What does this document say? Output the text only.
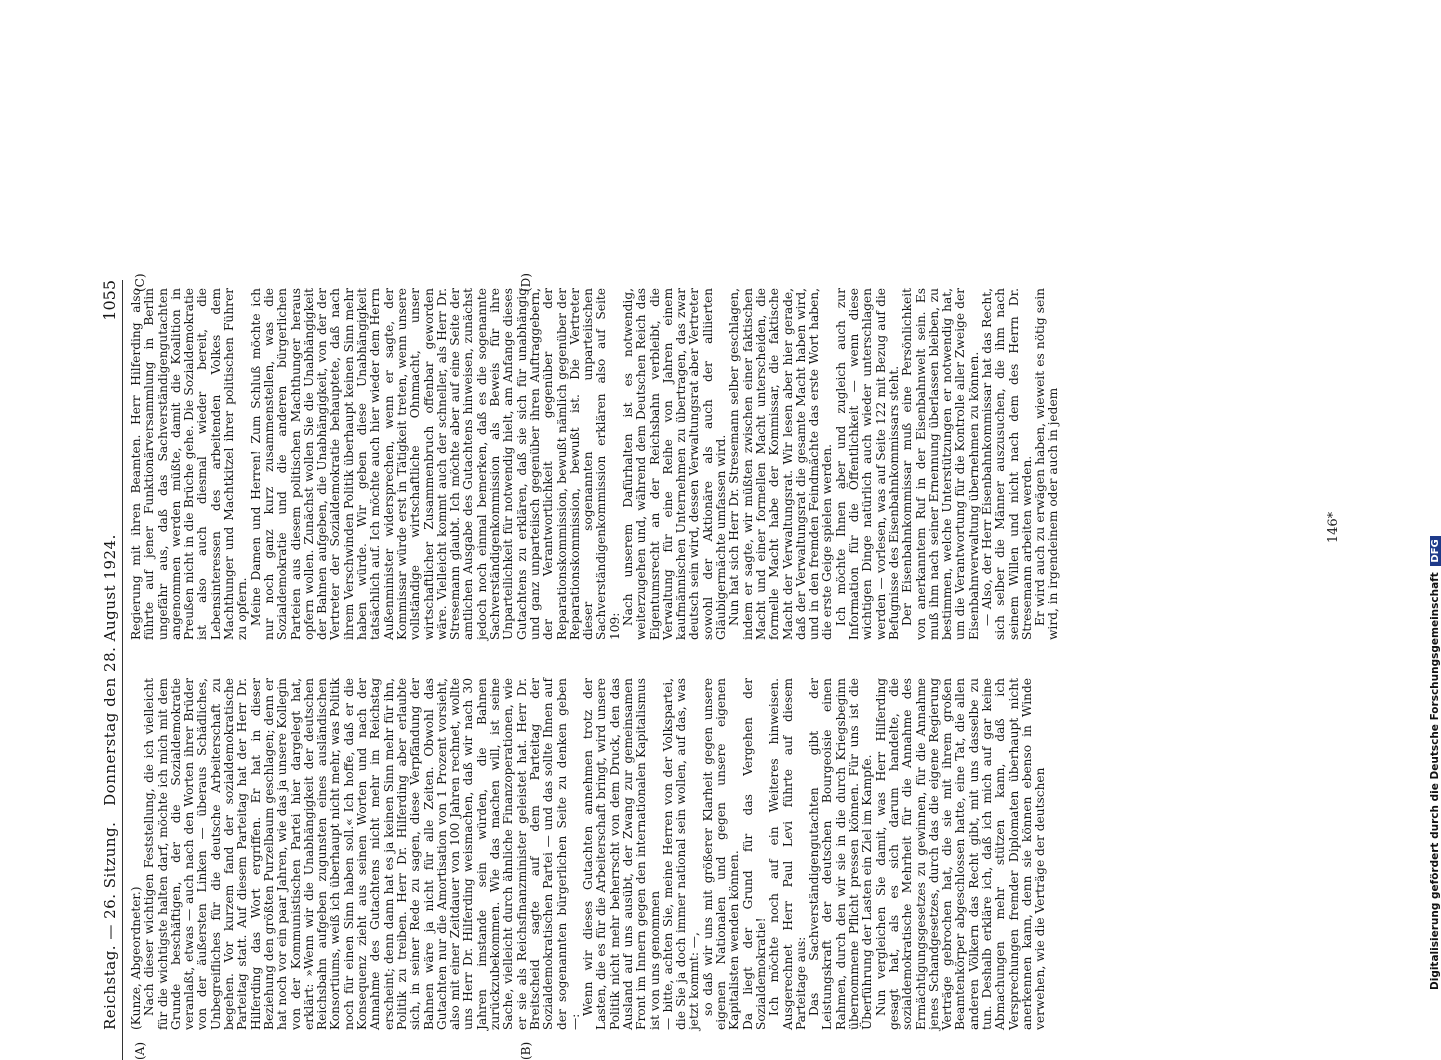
Reichstag. — 26. Sitzung.
Donnerstag den 28. August 1924.
1055
(A)	(B)
(C)	(D)

(Kunze, Abgeordneter.) Nach dieser wichtigen Feststellung, die ich vielleicht für die wichtigste halten darf, möchte ich mich mit dem Grunde beschäftigen, der die Sozialdemokratie veranlaßt, etwas — auch nach den Worten ihrer Brüder von der äußersten Linken — überaus Schädliches, Unbegreifliches für die deutsche Arbeiterschaft zu begehen. Vor kurzem fand der sozialdemokratische Parteitag statt. Auf diesem Parteitag hat der Herr Dr. Hilferding das Wort ergriffen. Er hat in dieser Beziehung den größten Purzelbaum geschlagen; denn er hat noch vor ein paar Jahren, wie das ja unsere Kollegin von der Kommunistischen Partei hier dargelegt hat, erklärt: »Wenn wir die Unabhängigkeit der deutschen Reichsbahn aufgeben zugunsten eines ausländischen Konsortiums, weiß ich überhaupt nicht mehr, was Politik noch für einen Sinn haben soll.« Ich hoffe, daß er die Konsequenz zieht aus seinen Worten und nach der Annahme des Gutachtens nicht mehr im Reichstag erscheint; denn dann hat es ja keinen Sinn mehr für ihn, Politik zu treiben. Herr Dr. Hilferding aber erlaubte sich, in seiner Rede zu sagen, diese Verpfändung der Bahnen wäre ja nicht für alle Zeiten. Obwohl das Gutachten nur die Amortisation von 1 Prozent vorsieht, also mit einer Zeitdauer von 100 Jahren rechnet, wollte uns Herr Dr. Hilferding weismachen, daß wir nach 30 Jahren imstande sein würden, die Bahnen zurückzubekommen. Wie das machen will, ist seine Sache, vielleicht durch ähnliche Finanzoperationen, wie er sie als Reichsfinanzminister geleistet hat. Herr Dr. Breitscheid sagte auf dem Parteitag der Sozialdemokratischen Partei — und das sollte Ihnen auf der sogenannten bürgerlichen Seite zu denken geben —:

Wenn wir dieses Gutachten annehmen trotz der Lasten, die es für die Arbeiterschaft bringt, wird unsere Politik nicht mehr beherrscht von dem Druck, den das Ausland auf uns ausübt, der Zwang zur gemeinsamen Front im Innern gegen den internationalen Kapitalismus ist von uns genommen — bitte, achten Sie, meine Herren von der Volkspartei, die Sie ja doch immer national sein wollen, auf das, was jetzt kommt: —, so daß wir uns mit größerer Klarheit gegen unsere eigenen Nationalen und gegen unsere eigenen Kapitalisten wenden können. Da liegt der Grund für das Vergehen der Sozialdemokratie! Ich möchte noch auf ein Weiteres hinweisen. Ausgerechnet Herr Paul Levi führte auf diesem Parteitage aus: Das Sachverständigengutachten gibt der Leistungskraft der deutschen Bourgeoisie einen Rahmen, durch den wir sie in die durch Kriegsbeginn übernommene Pflicht pressen können. Für uns ist die Überführung der Lasten ein Ziel im Kampfe. Nun vergleichen Sie damit, was Herr Hilferding gesagt hat, als es sich darum handelte, die sozialdemokratische Mehrheit für die Annahme des Ermächtigungsgesetzes zu gewinnen, für die Annahme jenes Schandgesetzes, durch das die eigene Regierung Verträge gebrochen hat, die sie mit ihrem großen Beamtenkörper abgeschlossen hatte, eine Tat, die allen anderen Völkern das Recht gibt, mit uns dasselbe zu tun. Deshalb erkläre ich, daß ich mich auf gar keine Abmachungen mehr stützen kann, daß ich Versprechungen fremder Diplomaten überhaupt nicht anerkennen kann, denn sie können ebenso in Winde verwehen, wie die Verträge der deutschen

Regierung mit ihren Beamten. Herr Hilferding also führte auf jener Funktionärversammlung in Berlin ungefähr aus, daß das Sachverständigengutachten angenommen werden müßte, damit die Koalition in Preußen nicht in die Brüche gehe. Die Sozialdemokratie ist also auch diesmal wieder bereit, die Lebensinteressen des arbeitenden Volkes dem Machthunger und Machtkitzel ihrer politischen Führer zu opfern. Meine Damen und Herren! Zum Schluß möchte ich nur noch ganz kurz zusammenstellen, was die Sozialdemokratie und die anderen bürgerlichen Parteien aus diesem politischen Machthunger heraus opfern wollen. Zunächst wollen Sie die Unabhängigkeit der Bahnen aufgeben, die Unabhängigkeit, von der der Vertreter der Sozialdemokratie behauptete, daß nach ihrem Verschwinden Politik überhaupt keinen Sinn mehr haben würde. Wir geben diese Unabhängigkeit tatsächlich auf. Ich möchte auch hier wieder dem Herrn Außenminister widersprechen, wenn er sagte, der Kommissar würde erst in Tätigkeit treten, wenn unsere vollständige wirtschaftliche Ohnmacht, unser wirtschaftlicher Zusammenbruch offenbar geworden wäre. Vielleicht kommt auch der schneller, als Herr Dr. Stresemann glaubt. Ich möchte aber auf eine Seite der amtlichen Ausgabe des Gutachtens hinweisen, zunächst jedoch noch einmal bemerken, daß es die sogenannte Sachverständigenkommission als Beweis für ihre Unparteilichkeit für notwendig hielt, am Anfange dieses Gutachtens zu erklären, daß sie sich für unabhängig und ganz unparteiisch gegenüber ihren Auftraggebern, der Verantwortlichkeit gegenüber der Reparationskommission, bewußt nämlich gegenüber der Reparationskommission, bewußt ist. Die Vertreter dieser sogenannten unparteiischen Sachverständigenkommission erklären also auf Seite 109:

Nach unserem Dafürhalten ist es notwendig, weiterzugehen und, während dem Deutschen Reich das Eigentumsrecht an der Reichsbahn verbleibt, die Verwaltung für eine Reihe von Jahren einem kaufmännischen Unternehmen zu übertragen, das zwar deutsch sein wird, dessen Verwaltungsrat aber Vertreter sowohl der Aktionäre als auch der alliierten Gläubigermächte umfassen wird. Nun hat sich Herr Dr. Stresemann selber geschlagen, indem er sagte, wir müßten zwischen einer faktischen Macht und einer formellen Macht unterscheiden, die formelle Macht habe der Kommissar, die faktische Macht der Verwaltungsrat. Wir lesen aber hier gerade, daß der Verwaltungsrat die gesamte Macht haben wird, und in den fremden Feindmächte das erste Wort haben, die erste Geige spielen werden. Ich möchte Ihnen aber und zugleich auch zur Information für die Öffentlichkeit — wenn diese wichtigen Dinge natürlich auch wieder unterschlagen werden — vorlesen, was auf Seite 122 mit Bezug auf die Befugnisse des Eisenbahnkommissars steht. Der Eisenbahnkommissar muß eine Persönlichkeit von anerkanntem Ruf in der Eisenbahnwelt sein. Es muß ihm nach seiner Ernennung überlassen bleiben, zu bestimmen, welche Unterstützungen er notwendig hat, um die Verantwortung für die Kontrolle aller Zweige der Eisenbahnverwaltung übernehmen zu können. — Also, der Herr Eisenbahnkommissar hat das Recht, sich selber die Männer auszusuchen, die ihm nach seinem Willen und nicht nach dem des Herrn Dr. Stresemann arbeiten werden. Er wird auch zu erwägen haben, wieweit es nötig sein wird, in irgendeinem oder auch in jedem	146*
Digitalisierung gefördert durch die Deutsche Forschungsgemeinschaft DFG
